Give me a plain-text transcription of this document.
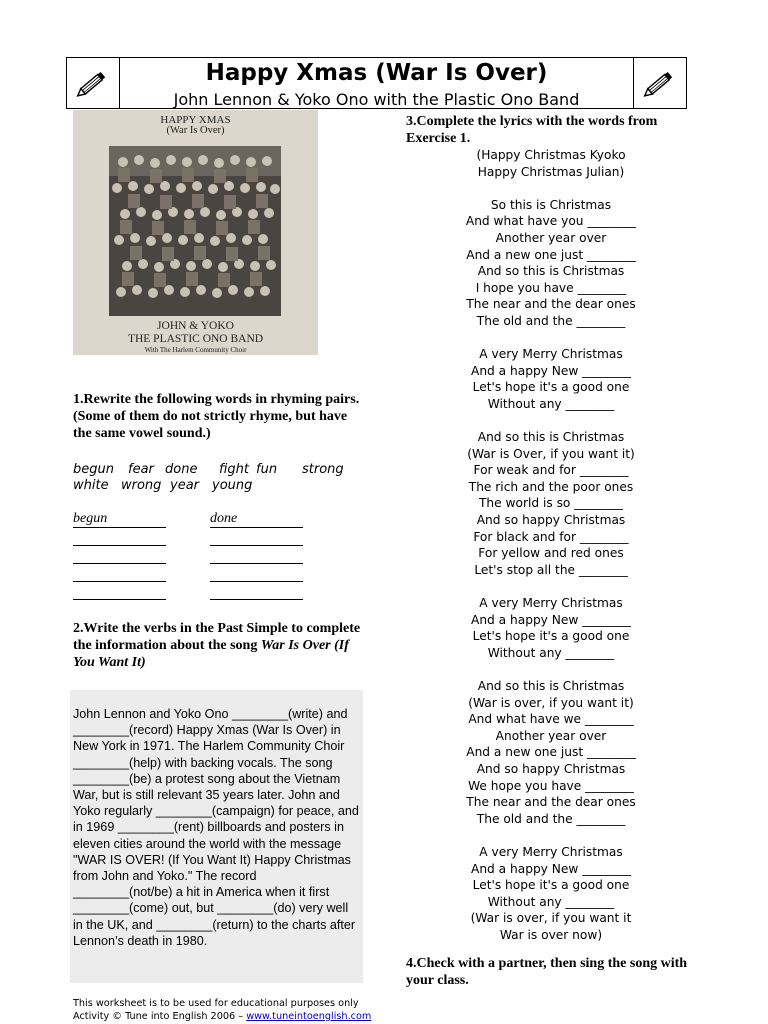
Happy Xmas (War Is Over)
John Lennon & Yoko Ono with the Plastic Ono Band
HAPPY XMAS
(War Is Over)
JOHN & YOKO
THE PLASTIC ONO BAND
With The Harlem Community Choir
1.Rewrite the following words in rhyming pairs. (Some of them do not strictly rhyme, but have the same vowel sound.)
begun fear done fight fun strong
white wrong year young
begun	done
2.Write the verbs in the Past Simple to complete the information about the song War Is Over (If You Want It)
John Lennon and Yoko Ono ________(write) and ________(record) Happy Xmas (War Is Over) in New York in 1971. The Harlem Community Choir ________(help) with backing vocals. The song ________(be) a protest song about the Vietnam War, but is still relevant 35 years later. John and Yoko regularly ________(campaign) for peace, and in 1969 ________(rent) billboards and posters in eleven cities around the world with the message "WAR IS OVER! (If You Want It) Happy Christmas from John and Yoko." The record ________(not/be) a hit in America when it first ________(come) out, but ________(do) very well in the UK, and ________(return) to the charts after Lennon’s death in 1980.
3.Complete the lyrics with the words from Exercise 1.
(Happy Christmas Kyoko
Happy Christmas Julian)
So this is Christmas
And what have you ________
Another year over
And a new one just ________
And so this is Christmas
I hope you have ________
The near and the dear ones
The old and the ________
A very Merry Christmas
And a happy New ________
Let's hope it's a good one
Without any ________
And so this is Christmas
(War is Over, if you want it)
For weak and for ________
The rich and the poor ones
The world is so ________
And so happy Christmas
For black and for ________
For yellow and red ones
Let's stop all the ________
A very Merry Christmas
And a happy New ________
Let's hope it's a good one
Without any ________
And so this is Christmas
(War is over, if you want it)
And what have we ________
Another year over
And a new one just ________
And so happy Christmas
We hope you have ________
The near and the dear ones
The old and the ________
A very Merry Christmas
And a happy New ________
Let's hope it's a good one
Without any ________
(War is over, if you want it
War is over now)
4.Check with a partner, then sing the song with your class.
This worksheet is to be used for educational purposes only
Activity © Tune into English 2006 – www.tuneintoenglish.com
